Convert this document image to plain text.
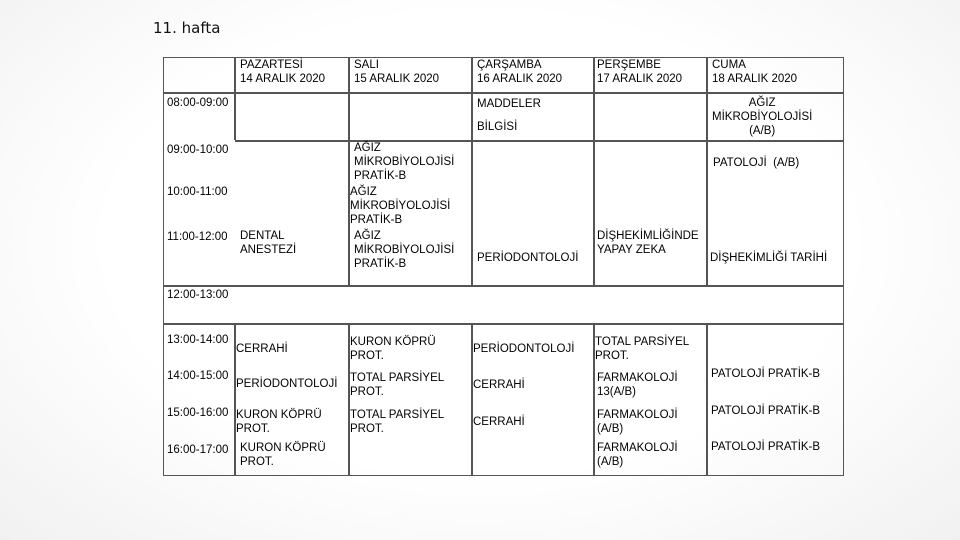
11. hafta
PAZARTESİ
14 ARALIK 2020
SALI
15 ARALIK 2020
ÇARŞAMBA
16 ARALIK 2020
PERŞEMBE
17 ARALIK 2020
CUMA
18 ARALIK 2020
08:00-09:00
09:00-10:00
10:00-11:00
11:00-12:00
12:00-13:00
13:00-14:00
14:00-15:00
15:00-16:00
16:00-17:00
DENTAL
ANESTEZİ
CERRAHİ
PERİODONTOLOJİ
KURON KÖPRÜ
PROT.
KURON KÖPRÜ
PROT.
AĞIZ
MİKROBİYOLOJİSİ
PRATİK-B
AĞIZ
MİKROBİYOLOJİSİ
PRATİK-B
AĞIZ
MİKROBİYOLOJİSİ
PRATİK-B
KURON KÖPRÜ
PROT.
TOTAL PARSİYEL
PROT.
TOTAL PARSİYEL
PROT.
MADDELER
BİLGİSİ
PERİODONTOLOJİ
PERİODONTOLOJİ
CERRAHİ
CERRAHİ
DİŞHEKİMLİĞİNDE
YAPAY ZEKA
TOTAL PARSİYEL
PROT.
FARMAKOLOJİ
13(A/B)
FARMAKOLOJİ
(A/B)
FARMAKOLOJİ
(A/B)
AĞIZ
MİKROBİYOLOJİSİ
(A/B)
PATOLOJİ  (A/B)
DİŞHEKİMLİĞİ TARİHİ
PATOLOJİ PRATİK-B
PATOLOJİ PRATİK-B
PATOLOJİ PRATİK-B
